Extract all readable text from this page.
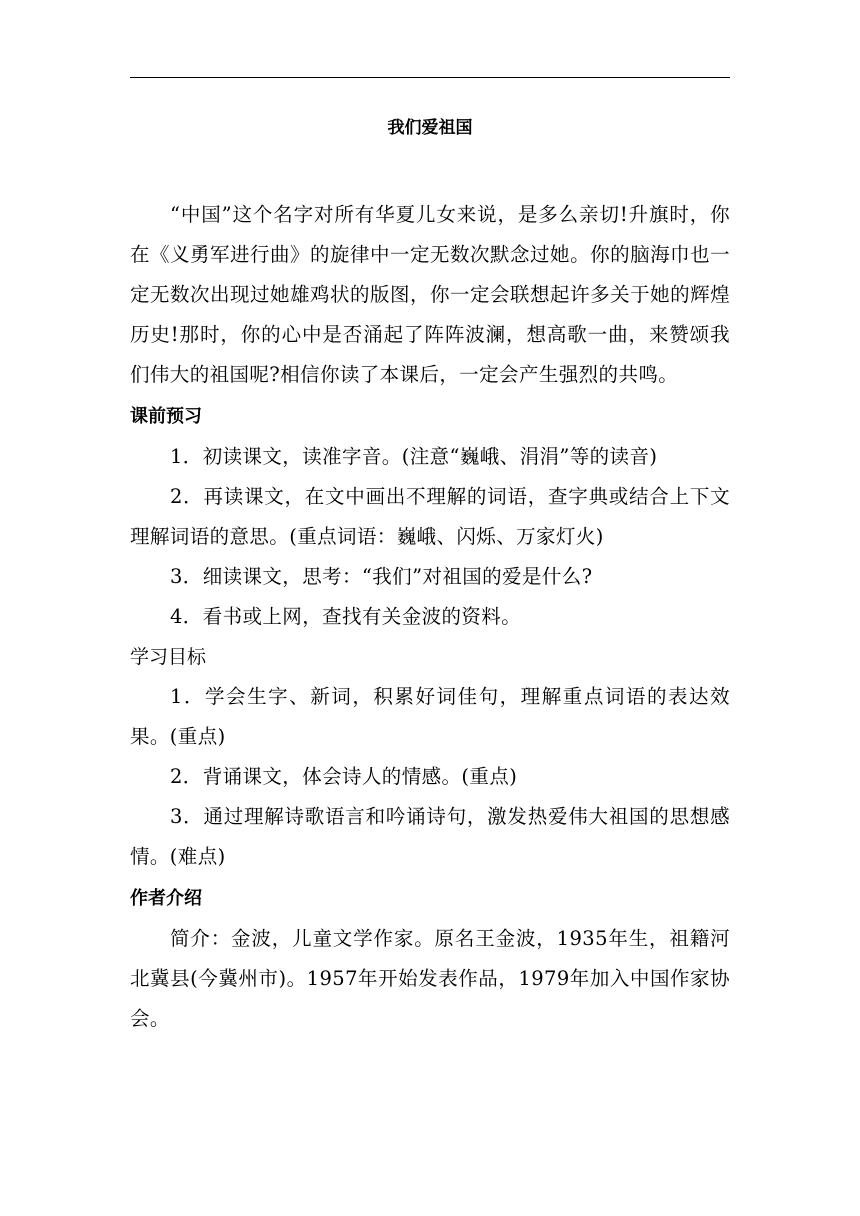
我们爱祖国

“中国”这个名字对所有华夏儿女来说，是多么亲切!升旗时，你在《义勇军进行曲》的旋律中一定无数次默念过她。你的脑海巾也一定无数次出现过她雄鸡状的版图，你一定会联想起许多关于她的辉煌历史!那时，你的心中是否涌起了阵阵波澜，想高歌一曲，来赞颂我们伟大的祖国呢?相信你读了本课后，一定会产生强烈的共鸣。

课前预习

1．初读课文，读准字音。(注意“巍峨、涓涓”等的读音)

2．再读课文，在文中画出不理解的词语，查字典或结合上下文理解词语的意思。(重点词语：巍峨、闪烁、万家灯火)

3．细读课文，思考：“我们”对祖国的爱是什么?

4．看书或上网，查找有关金波的资料。

学习目标

1．学会生字、新词，积累好词佳句，理解重点词语的表达效果。(重点)

2．背诵课文，体会诗人的情感。(重点)

3．通过理解诗歌语言和吟诵诗句，激发热爱伟大祖国的思想感情。(难点)

作者介绍

简介：金波，儿童文学作家。原名王金波，1935年生，祖籍河北冀县(今冀州市)。1957年开始发表作品，1979年加入中国作家协会。
